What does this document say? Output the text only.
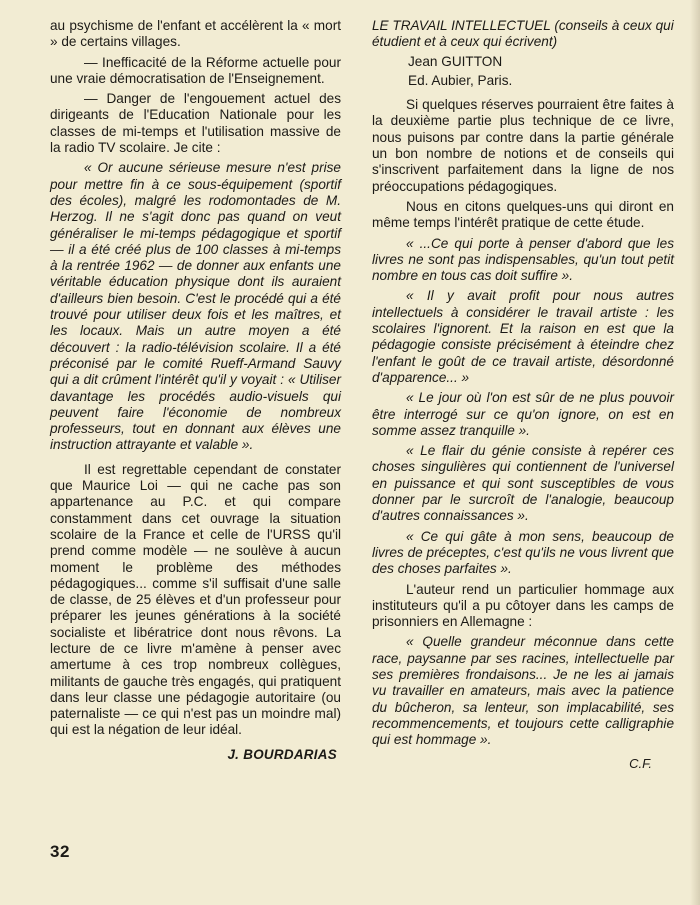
au psychisme de l'enfant et accélèrent la « mort » de certains villages.

— Inefficacité de la Réforme actuelle pour une vraie démocratisation de l'Enseignement.

— Danger de l'engouement actuel des dirigeants de l'Education Nationale pour les classes de mi-temps et l'utilisation massive de la radio TV scolaire. Je cite :

« Or aucune sérieuse mesure n'est prise pour mettre fin à ce sous-équipement (sportif des écoles), malgré les rodomontades de M. Herzog. Il ne s'agit donc pas quand on veut généraliser le mi-temps pédagogique et sportif — il a été créé plus de 100 classes à mi-temps à la rentrée 1962 — de donner aux enfants une véritable éducation physique dont ils auraient d'ailleurs bien besoin. C'est le procédé qui a été trouvé pour utiliser deux fois et les maîtres, et les locaux. Mais un autre moyen a été découvert : la radio-télévision scolaire. Il a été préconisé par le comité Rueff-Armand Sauvy qui a dit crûment l'intérêt qu'il y voyait : « Utiliser davantage les procédés audio-visuels qui peuvent faire l'économie de nombreux professeurs, tout en donnant aux élèves une instruction attrayante et valable ».

Il est regrettable cependant de constater que Maurice Loi — qui ne cache pas son appartenance au P.C. et qui compare constamment dans cet ouvrage la situation scolaire de la France et celle de l'URSS qu'il prend comme modèle — ne soulève à aucun moment le problème des méthodes pédagogiques... comme s'il suffisait d'une salle de classe, de 25 élèves et d'un professeur pour préparer les jeunes générations à la société socialiste et libératrice dont nous rêvons. La lecture de ce livre m'amène à penser avec amertume à ces trop nombreux collègues, militants de gauche très engagés, qui pratiquent dans leur classe une pédagogie autoritaire (ou paternaliste — ce qui n'est pas un moindre mal) qui est la négation de leur idéal.

J. BOURDARIAS

LE TRAVAIL INTELLECTUEL (conseils à ceux qui étudient et à ceux qui écrivent)

Jean GUITTON

Ed. Aubier, Paris.

Si quelques réserves pourraient être faites à la deuxième partie plus technique de ce livre, nous puisons par contre dans la partie générale un bon nombre de notions et de conseils qui s'inscrivent parfaitement dans la ligne de nos préoccupations pédagogiques.

Nous en citons quelques-uns qui diront en même temps l'intérêt pratique de cette étude.

« ...Ce qui porte à penser d'abord que les livres ne sont pas indispensables, qu'un tout petit nombre en tous cas doit suffire ».

« Il y avait profit pour nous autres intellectuels à considérer le travail artiste : les scolaires l'ignorent. Et la raison en est que la pédagogie consiste précisément à éteindre chez l'enfant le goût de ce travail artiste, désordonné d'apparence... »

« Le jour où l'on est sûr de ne plus pouvoir être interrogé sur ce qu'on ignore, on est en somme assez tranquille ».

« Le flair du génie consiste à repérer ces choses singulières qui contiennent de l'universel en puissance et qui sont susceptibles de vous donner par le surcroît de l'analogie, beaucoup d'autres connaissances ».

« Ce qui gâte à mon sens, beaucoup de livres de préceptes, c'est qu'ils ne vous livrent que des choses parfaites ».

L'auteur rend un particulier hommage aux instituteurs qu'il a pu côtoyer dans les camps de prisonniers en Allemagne :

« Quelle grandeur méconnue dans cette race, paysanne par ses racines, intellectuelle par ses premières frondaisons... Je ne les ai jamais vu travailler en amateurs, mais avec la patience du bûcheron, sa lenteur, son implacabilité, ses recommencements, et toujours cette calligraphie qui est hommage ».

C.F.
32
